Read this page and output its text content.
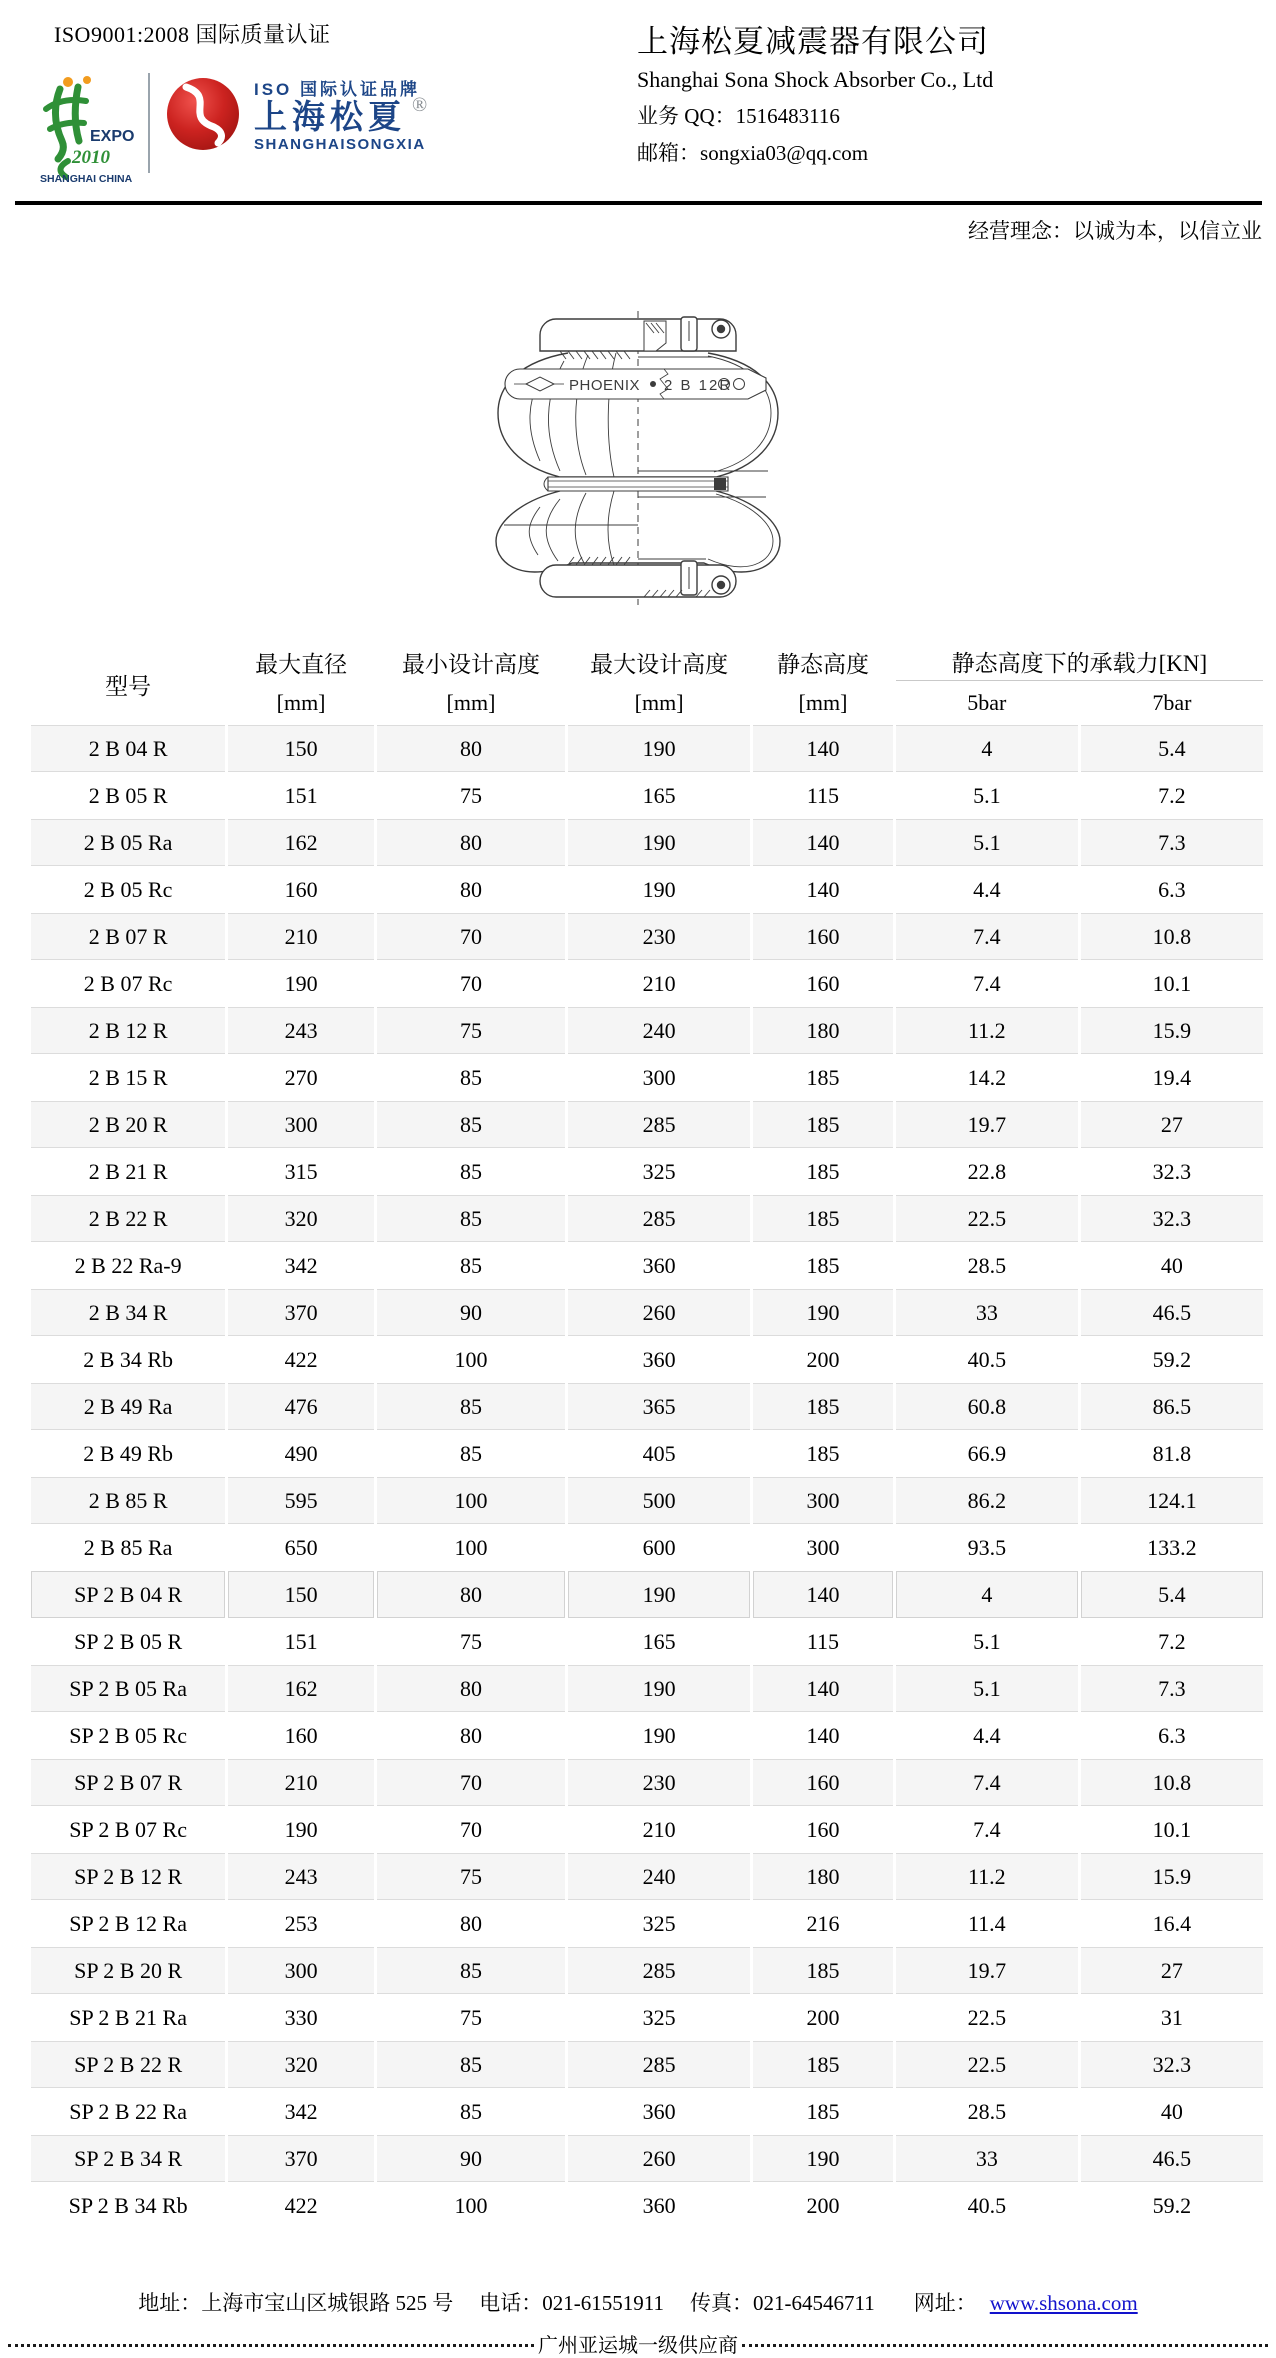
ISO9001:2008 国际质量认证
EXPO
2010
SHANGHAI CHINA
ISO 国际认证品牌
上海松夏 ®
SHANGHAISONGXIA
上海松夏减震器有限公司
Shanghai Sona Shock Absorber Co., Ltd
业务 QQ：1516483116
邮箱：songxia03@qq.com
经营理念：以诚为本，以信立业
PHOENIX 2 B 12R
型号	最大直径	最小设计高度	最大设计高度	静态高度	静态高度下的承载力[KN]	
	[mm]	[mm]	[mm]	[mm]	5bar	7bar
2 B 04 R	150	80	190	140	4	5.4
2 B 05 R	151	75	165	115	5.1	7.2
2 B 05 Ra	162	80	190	140	5.1	7.3
2 B 05 Rc	160	80	190	140	4.4	6.3
2 B 07 R	210	70	230	160	7.4	10.8
2 B 07 Rc	190	70	210	160	7.4	10.1
2 B 12 R	243	75	240	180	11.2	15.9
2 B 15 R	270	85	300	185	14.2	19.4
2 B 20 R	300	85	285	185	19.7	27
2 B 21 R	315	85	325	185	22.8	32.3
2 B 22 R	320	85	285	185	22.5	32.3
2 B 22 Ra-9	342	85	360	185	28.5	40
2 B 34 R	370	90	260	190	33	46.5
2 B 34 Rb	422	100	360	200	40.5	59.2
2 B 49 Ra	476	85	365	185	60.8	86.5
2 B 49 Rb	490	85	405	185	66.9	81.8
2 B 85 R	595	100	500	300	86.2	124.1
2 B 85 Ra	650	100	600	300	93.5	133.2
SP 2 B 04 R	150	80	190	140	4	5.4
SP 2 B 05 R	151	75	165	115	5.1	7.2
SP 2 B 05 Ra	162	80	190	140	5.1	7.3
SP 2 B 05 Rc	160	80	190	140	4.4	6.3
SP 2 B 07 R	210	70	230	160	7.4	10.8
SP 2 B 07 Rc	190	70	210	160	7.4	10.1
SP 2 B 12 R	243	75	240	180	11.2	15.9
SP 2 B 12 Ra	253	80	325	216	11.4	16.4
SP 2 B 20 R	300	85	285	185	19.7	27
SP 2 B 21 Ra	330	75	325	200	22.5	31
SP 2 B 22 R	320	85	285	185	22.5	32.3
SP 2 B 22 Ra	342	85	360	185	28.5	40
SP 2 B 34 R	370	90	260	190	33	46.5
SP 2 B 34 Rb	422	100	360	200	40.5	59.2
地址：上海市宝山区城银路 525 号 电话：021-61551911 传真：021-64546711 网址： www.shsona.com
广州亚运城一级供应商
